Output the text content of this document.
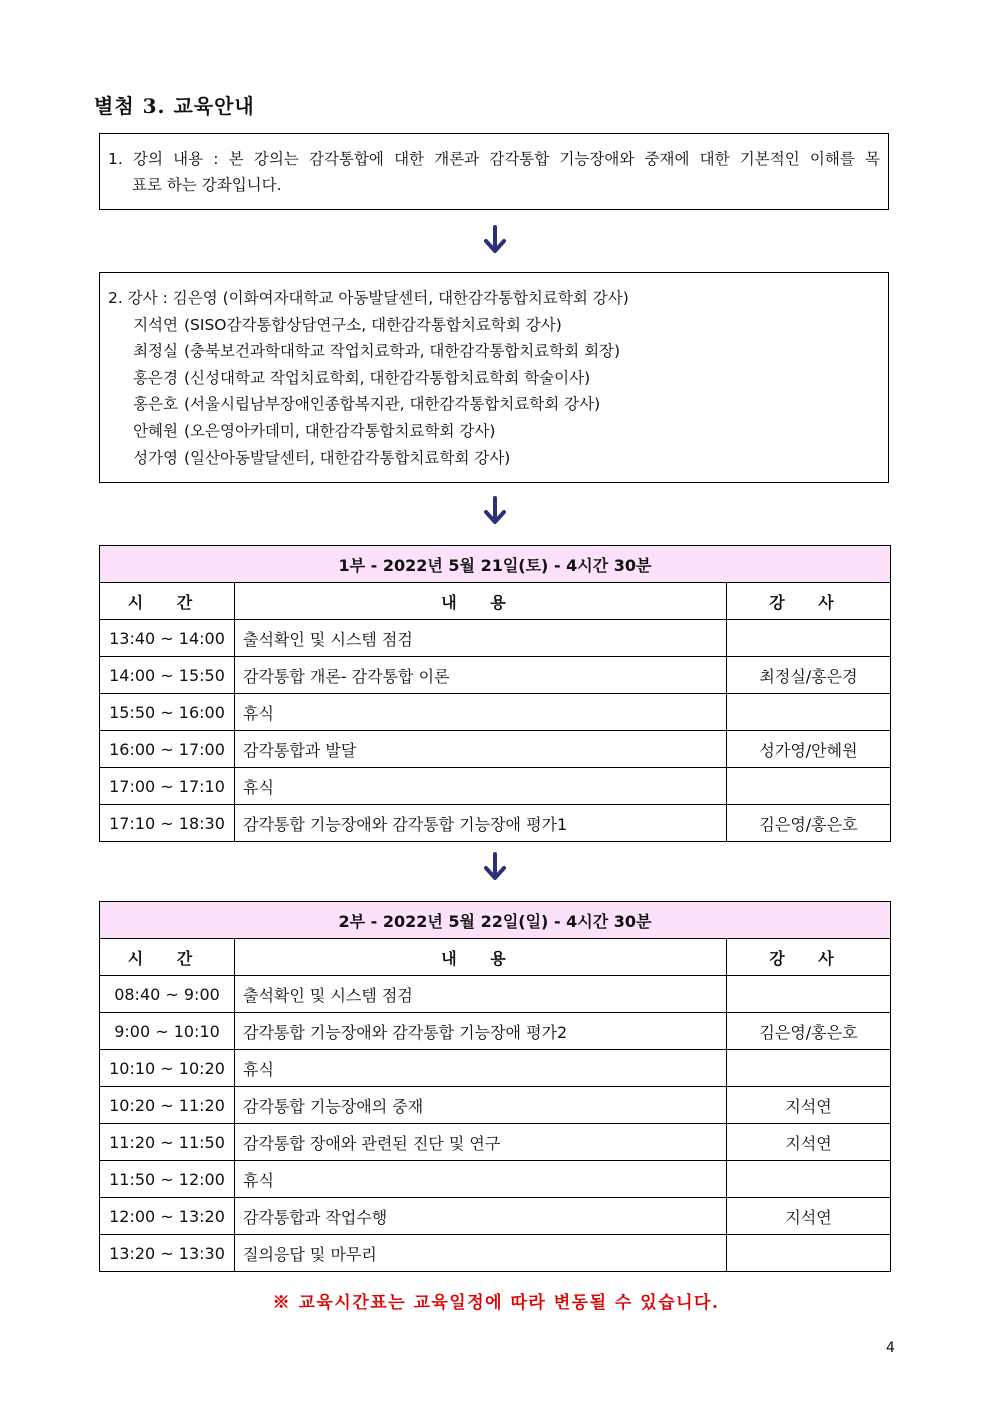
별첨 3. 교육안내
1. 강의 내용 : 본 강의는 감각통합에 대한 개론과 감각통합 기능장애와 중재에 대한 기본적인 이해를 목
표로 하는 강좌입니다.
2. 강사 : 김은영 (이화여자대학교 아동발달센터, 대한감각통합치료학회 강사)
지석연 (SISO감각통합상담연구소, 대한감각통합치료학회 강사)
최정실 (충북보건과학대학교 작업치료학과, 대한감각통합치료학회 회장)
홍은경 (신성대학교 작업치료학회, 대한감각통합치료학회 학술이사)
홍은호 (서울시립남부장애인종합복지관, 대한감각통합치료학회 강사)
안혜원 (오은영아카데미, 대한감각통합치료학회 강사)
성가영 (일산아동발달센터, 대한감각통합치료학회 강사)
1부 - 2022년 5월 21일(토) - 4시간 30분		
시 간	내 용	강 사
13:40 ~ 14:00	출석확인 및 시스템 점검	
14:00 ~ 15:50	감각통합 개론- 감각통합 이론	최정실/홍은경
15:50 ~ 16:00	휴식	
16:00 ~ 17:00	감각통합과 발달	성가영/안혜원
17:00 ~ 17:10	휴식	
17:10 ~ 18:30	감각통합 기능장애와 감각통합 기능장애 평가1	김은영/홍은호
2부 - 2022년 5월 22일(일) - 4시간 30분		
시 간	내 용	강 사
08:40 ~ 9:00	출석확인 및 시스템 점검	
9:00 ~ 10:10	감각통합 기능장애와 감각통합 기능장애 평가2	김은영/홍은호
10:10 ~ 10:20	휴식	
10:20 ~ 11:20	감각통합 기능장애의 중재	지석연
11:20 ~ 11:50	감각통합 장애와 관련된 진단 및 연구	지석연
11:50 ~ 12:00	휴식	
12:00 ~ 13:20	감각통합과 작업수행	지석연
13:20 ~ 13:30	질의응답 및 마무리	
※ 교육시간표는 교육일정에 따라 변동될 수 있습니다.
4
